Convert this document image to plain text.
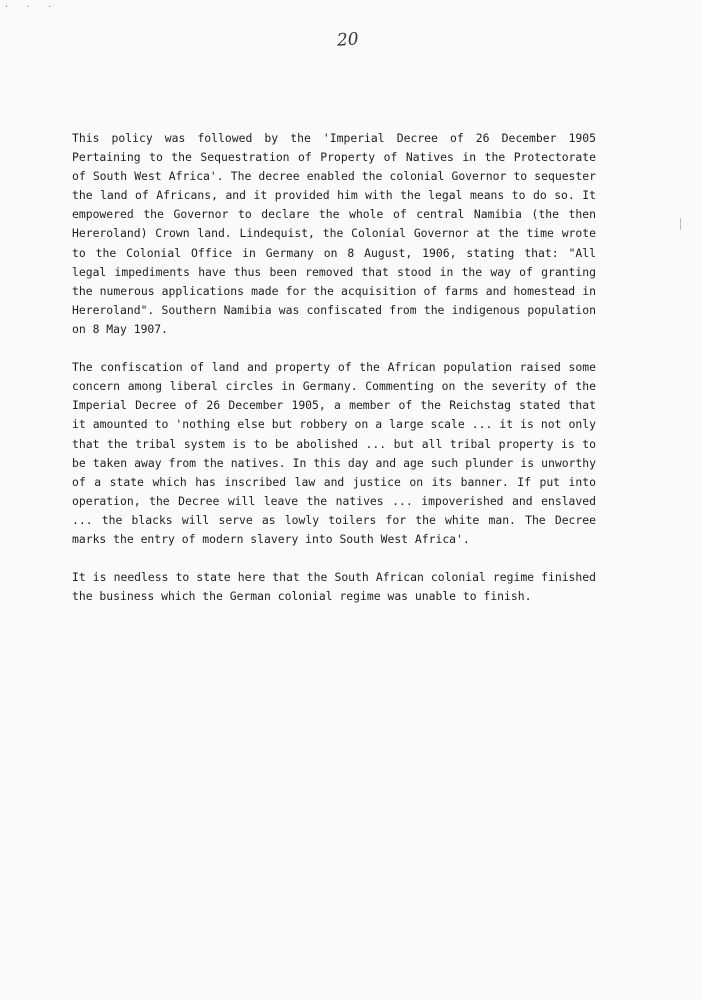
· · ·
20

This policy was followed by the 'Imperial Decree of 26 December 1905 Pertaining to the Sequestration of Property of Natives in the Protectorate of South West Africa'. The decree enabled the colonial Governor to sequester the land of Africans, and it provided him with the legal means to do so. It empowered the Governor to declare the whole of central Namibia (the then Hereroland) Crown land. Lindequist, the Colonial Governor at the time wrote to the Colonial Office in Germany on 8 August, 1906, stating that: "All legal impediments have thus been removed that stood in the way of granting the numerous applications made for the acquisition of farms and homestead in Hereroland". Southern Namibia was confiscated from the indigenous population on 8 May 1907.

The confiscation of land and property of the African population raised some concern among liberal circles in Germany. Commenting on the severity of the Imperial Decree of 26 December 1905, a member of the Reichstag stated that it amounted to 'nothing else but robbery on a large scale ... it is not only that the tribal system is to be abolished ... but all tribal property is to be taken away from the natives. In this day and age such plunder is unworthy of a state which has inscribed law and justice on its banner. If put into operation, the Decree will leave the natives ... impoverished and enslaved ... the blacks will serve as lowly toilers for the white man. The Decree marks the entry of modern slavery into South West Africa'.

It is needless to state here that the South African colonial regime finished the business which the German colonial regime was unable to finish.
